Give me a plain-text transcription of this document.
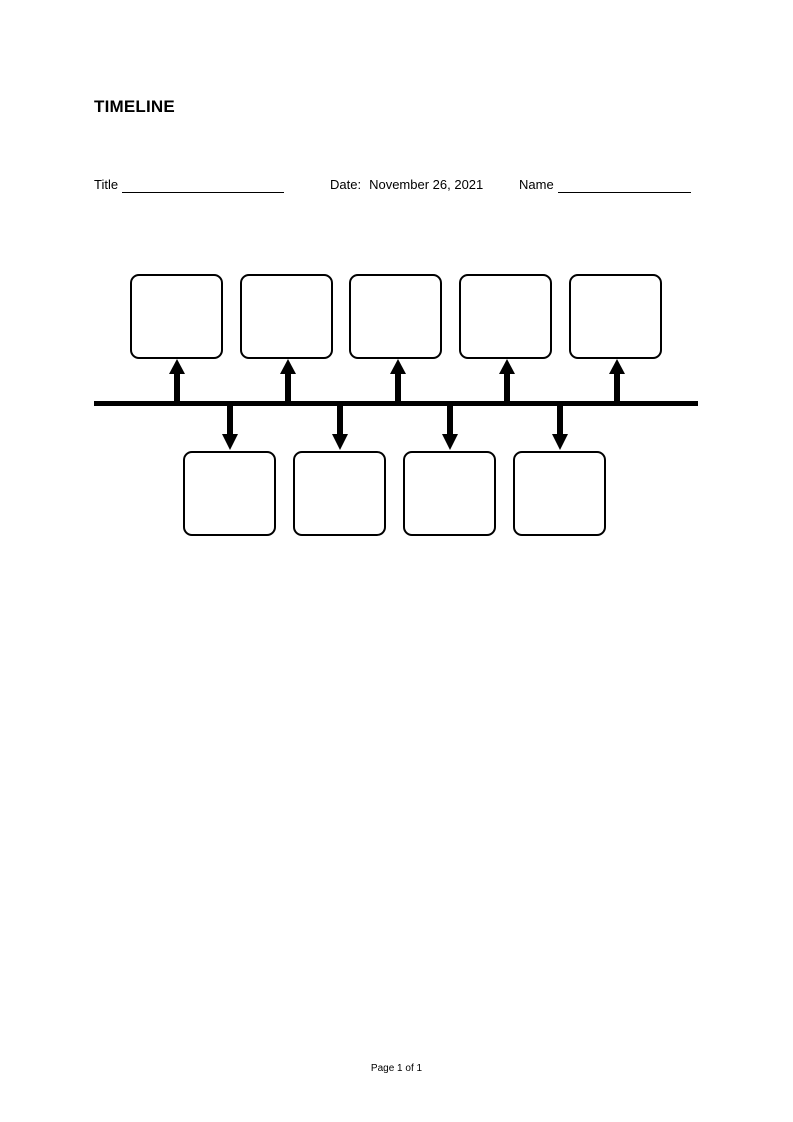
TIMELINE
Title	Date: November 26, 2021	Name
Page 1 of 1
